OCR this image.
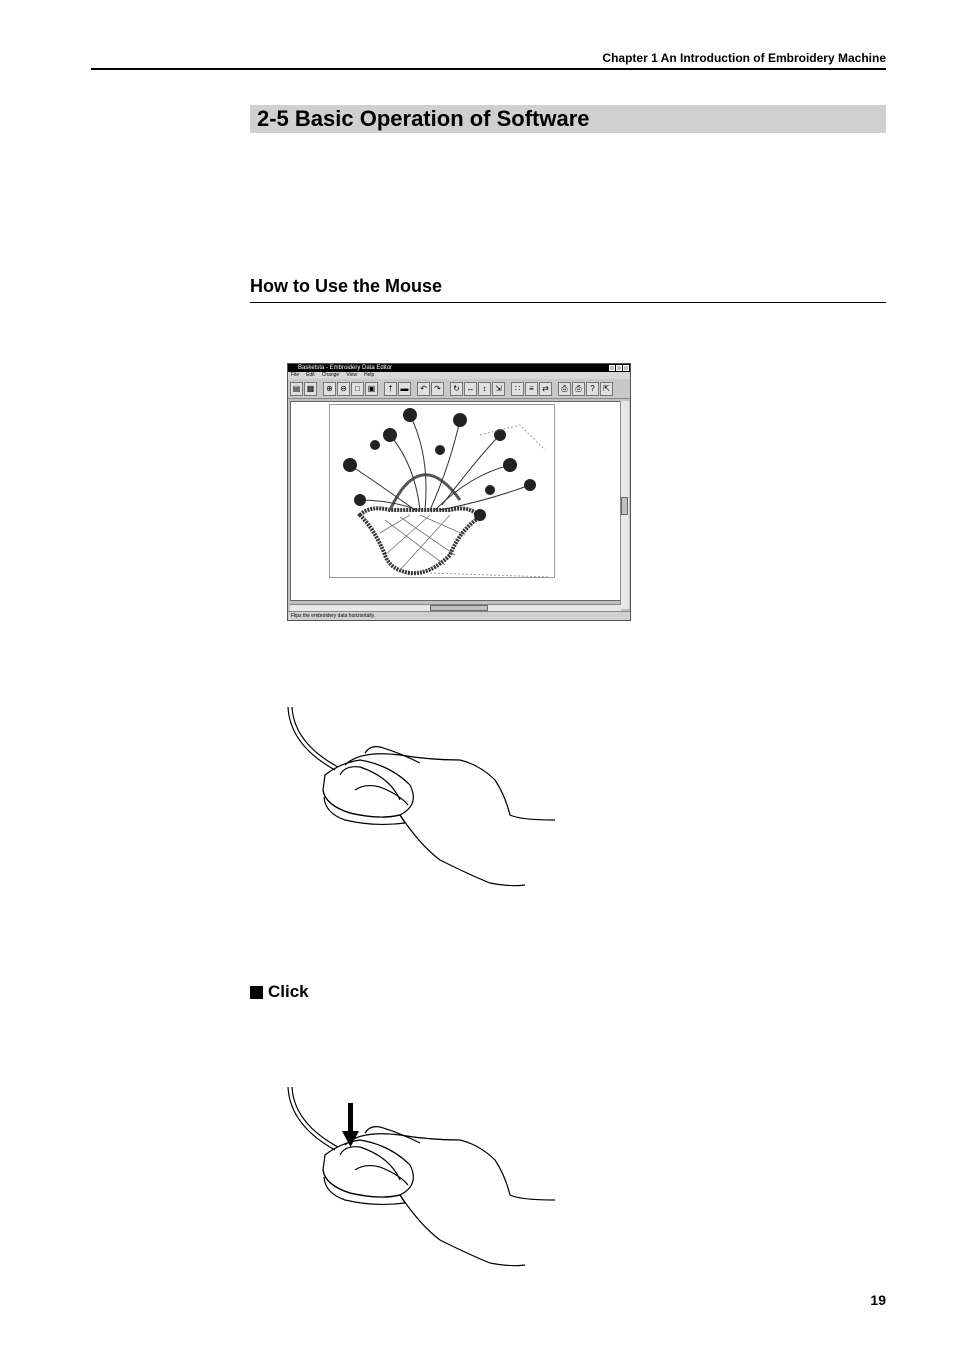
Chapter 1 An Introduction of Embroidery Machine
2-5 Basic Operation of Software
How to Use the Mouse
Basketsta - Embroidery Data Editor
File Edit Change View Help
▤ ▦	⊕ ⊖	□ ▣	† ▬	↶ ↷	↻ ↔	↕	⇲	∷	≡	⇄	⎙ ⎙	?	⇱
Flips the embroidery data horizontally.
Click
19
